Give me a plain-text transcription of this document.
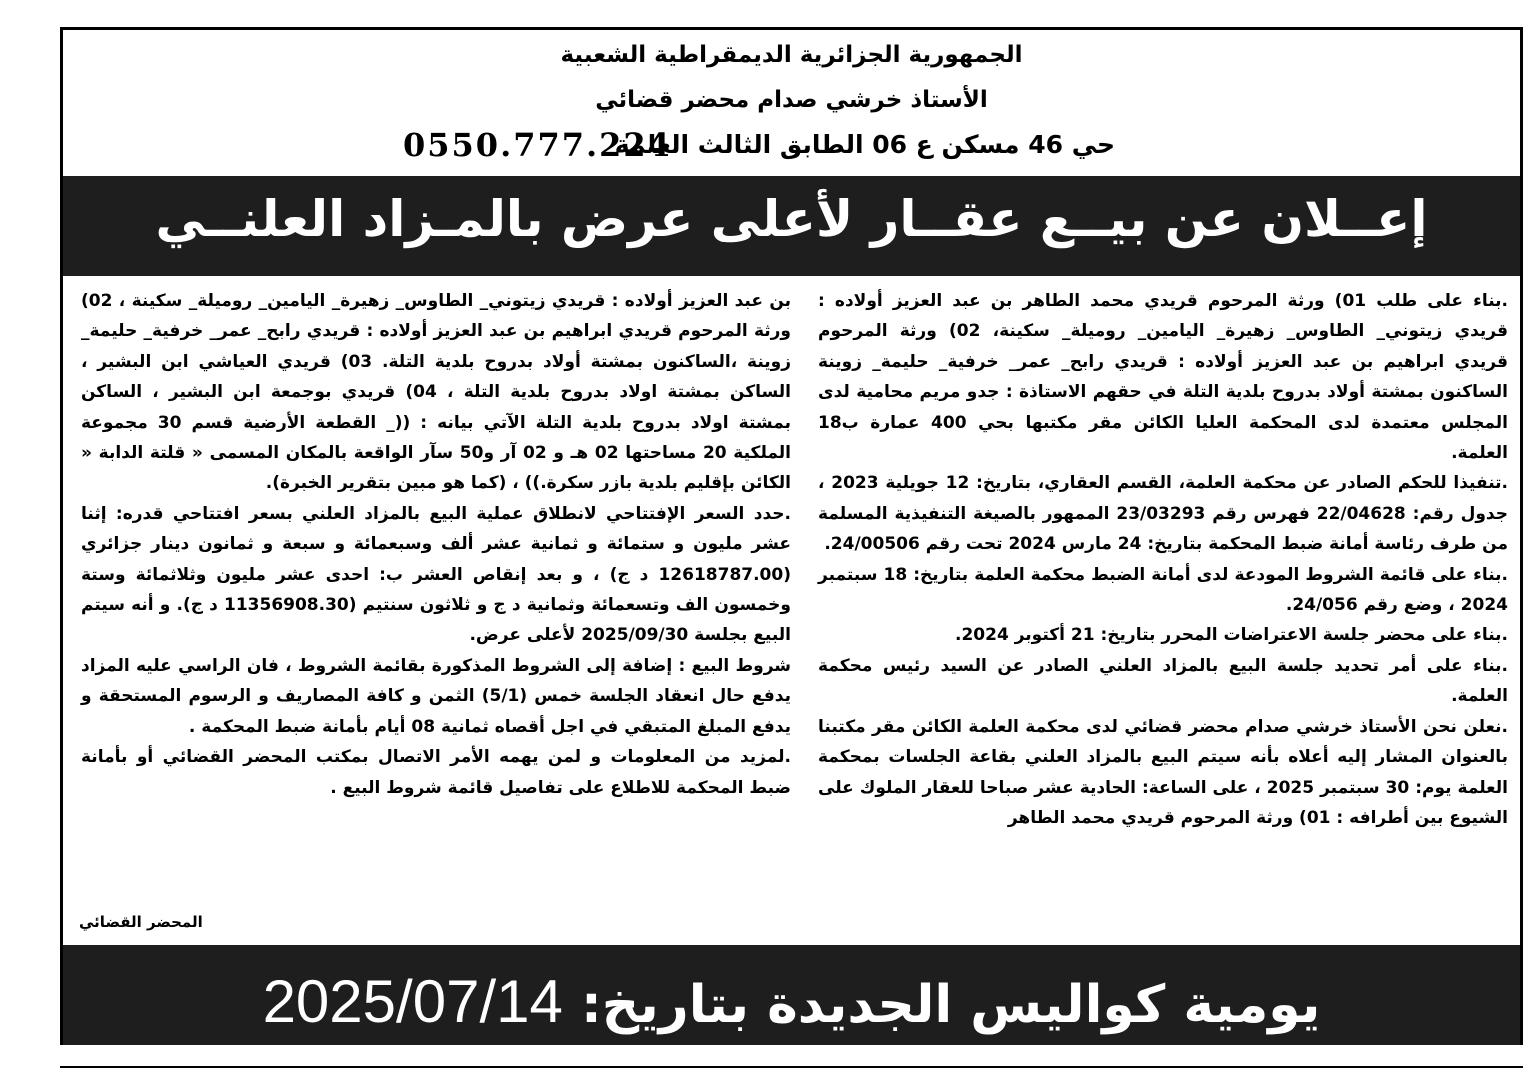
الجمهورية الجزائرية الديمقراطية الشعبية
الأستاذ خرشي صدام محضر قضائي
حي 46 مسكن ع 06 الطابق الثالث العلمة
0550.777.224
إعــلان عن بيــع عقــار لأعلى عرض بالمـزاد العلنــي

.بناء على طلب 01) ورثة المرحوم قريدي محمد الطاهر بن عبد العزيز أولاده : قريدي زيتوني_ الطاوس_ زهيرة_ اليامين_ روميلة_ سكينة، 02) ورثة المرحوم قريدي ابراهيم بن عبد العزيز أولاده : قريدي رابح_ عمر_ خرفية_ حليمة_ زوينة الساكنون بمشتة أولاد بدروح بلدية التلة في حقهم الاستاذة : جدو مريم محامية لدى المجلس معتمدة لدى المحكمة العليا الكائن مقر مكتبها بحي 400 عمارة ب18 العلمة.

.تنفيذا للحكم الصادر عن محكمة العلمة، القسم العقاري، بتاريخ: 12 جويلية 2023 ، جدول رقم: 22/04628 فهرس رقم 23/03293 الممهور بالصيغة التنفيذية المسلمة من طرف رئاسة أمانة ضبط المحكمة بتاريخ: 24 مارس 2024 تحت رقم 24/00506.

.بناء على قائمة الشروط المودعة لدى أمانة الضبط محكمة العلمة بتاريخ: 18 سبتمبر 2024 ، وضع رقم 24/056.

.بناء على محضر جلسة الاعتراضات المحرر بتاريخ: 21 أكتوبر 2024.

.بناء على أمر تحديد جلسة البيع بالمزاد العلني الصادر عن السيد رئيس محكمة العلمة.

.نعلن نحن الأستاذ خرشي صدام محضر قضائي لدى محكمة العلمة الكائن مقر مكتبنا بالعنوان المشار إليه أعلاه بأنه سيتم البيع بالمزاد العلني بقاعة الجلسات بمحكمة العلمة يوم: 30 سبتمبر 2025 ، على الساعة: الحادية عشر صباحا للعقار الملوك على الشيوع بين أطرافه : 01) ورثة المرحوم قريدي محمد الطاهر

بن عبد العزيز أولاده : قريدي زيتوني_ الطاوس_ زهيرة_ اليامين_ روميلة_ سكينة ، 02) ورثة المرحوم قريدي ابراهيم بن عبد العزيز أولاده : قريدي رابح_ عمر_ خرفية_ حليمة_ زوينة ،الساكنون بمشتة أولاد بدروح بلدية التلة. 03) قريدي العياشي ابن البشير ، الساكن بمشتة اولاد بدروح بلدية التلة ، 04) قريدي بوجمعة ابن البشير ، الساكن بمشتة اولاد بدروح بلدية التلة الآتي بيانه : ((_ القطعة الأرضية قسم 30 مجموعة الملكية 20 مساحتها 02 هـ و 02 آر و50 سآر الواقعة بالمكان المسمى « قلتة الدابة « الكائن بإقليم بلدية بازر سكرة.)) ، (كما هو مبين بتقرير الخبرة).

.حدد السعر الإفتتاحي لانطلاق عملية البيع بالمزاد العلني بسعر افتتاحي قدره: إثنا عشر مليون و ستمائة و ثمانية عشر ألف وسبعمائة و سبعة و ثمانون دينار جزائري (12618787.00 د ج) ، و بعد إنقاص العشر ب: احدى عشر مليون وثلاثمائة وستة وخمسون الف وتسعمائة وثمانية د ج و ثلاثون سنتيم (11356908.30 د ج). و أنه سيتم البيع بجلسة 2025/09/30 لأعلى عرض.

شروط البيع : إضافة إلى الشروط المذكورة بقائمة الشروط ، فان الراسي عليه المزاد يدفع حال انعقاد الجلسة خمس (5/1) الثمن و كافة المصاريف و الرسوم المستحقة و يدفع المبلغ المتبقي في اجل أقصاه ثمانية 08 أيام بأمانة ضبط المحكمة .

.لمزيد من المعلومات و لمن يهمه الأمر الاتصال بمكتب المحضر القضائي أو بأمانة ضبط المحكمة للاطلاع على تفاصيل قائمة شروط البيع .

المحضر القضائي
يومية كواليس الجديدة بتاريخ: 2025/07/14
